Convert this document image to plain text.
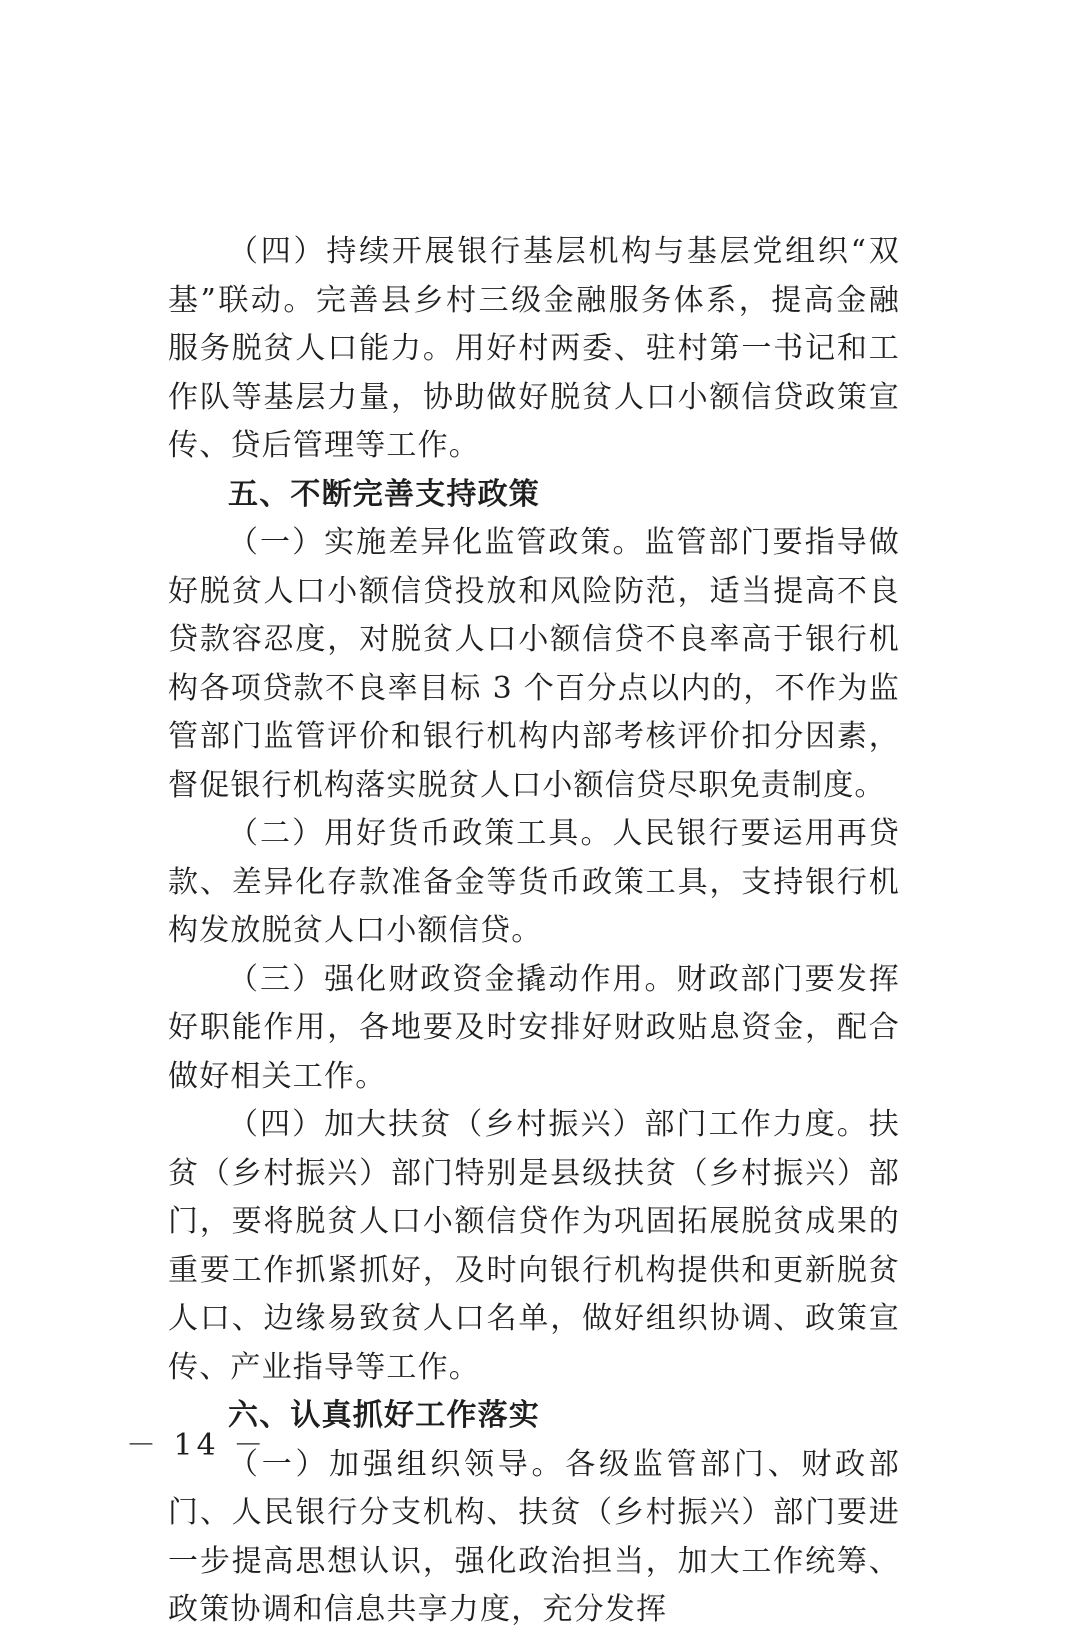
（四）持续开展银行基层机构与基层党组织“双基”联动。完善县乡村三级金融服务体系，提高金融服务脱贫人口能力。用好村两委、驻村第一书记和工作队等基层力量，协助做好脱贫人口小额信贷政策宣传、贷后管理等工作。

五、不断完善支持政策

（一）实施差异化监管政策。监管部门要指导做好脱贫人口小额信贷投放和风险防范，适当提高不良贷款容忍度，对脱贫人口小额信贷不良率高于银行机构各项贷款不良率目标 3 个百分点以内的，不作为监管部门监管评价和银行机构内部考核评价扣分因素，督促银行机构落实脱贫人口小额信贷尽职免责制度。

（二）用好货币政策工具。人民银行要运用再贷款、差异化存款准备金等货币政策工具，支持银行机构发放脱贫人口小额信贷。

（三）强化财政资金撬动作用。财政部门要发挥好职能作用，各地要及时安排好财政贴息资金，配合做好相关工作。

（四）加大扶贫（乡村振兴）部门工作力度。扶贫（乡村振兴）部门特别是县级扶贫（乡村振兴）部门，要将脱贫人口小额信贷作为巩固拓展脱贫成果的重要工作抓紧抓好，及时向银行机构提供和更新脱贫人口、边缘易致贫人口名单，做好组织协调、政策宣传、产业指导等工作。

六、认真抓好工作落实

（一）加强组织领导。各级监管部门、财政部门、人民银行分支机构、扶贫（乡村振兴）部门要进一步提高思想认识，强化政治担当，加大工作统筹、政策协调和信息共享力度，充分发挥

－ 14 －
